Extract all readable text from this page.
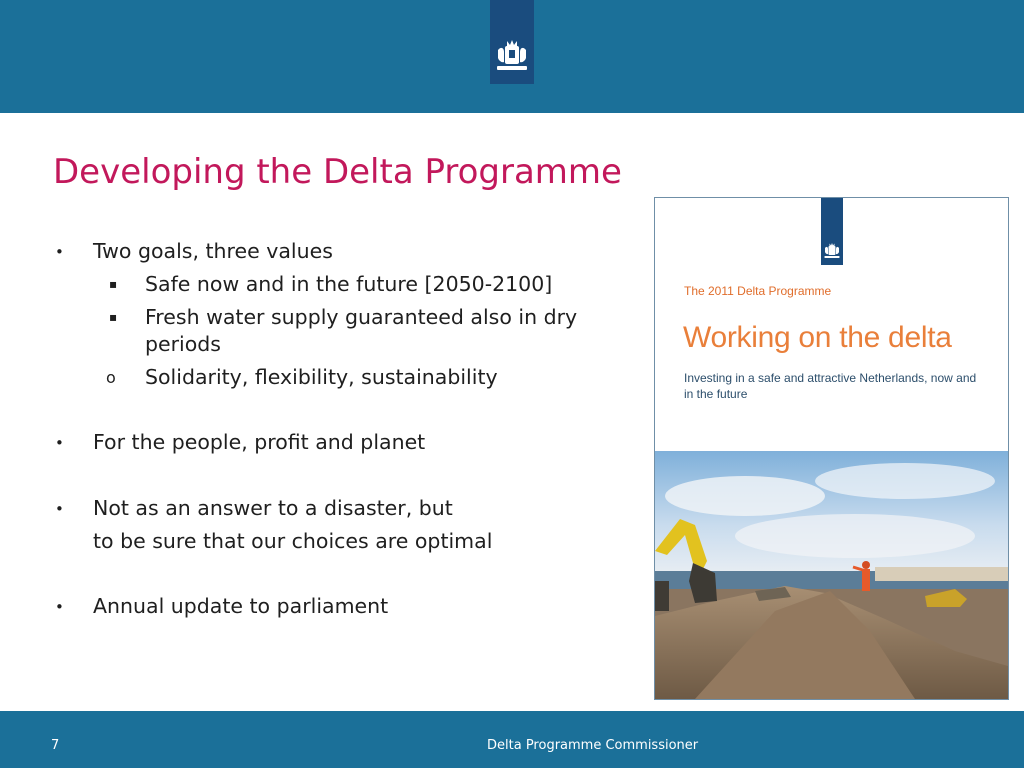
Developing the Delta Programme
• Two goals, three values
▪ Safe now and in the future [2050-2100]
▪ Fresh water supply guaranteed also in dry
periods
o Solidarity, flexibility, sustainability
• For the people, profit and planet
• Not as an answer to a disaster, but
to be sure that our choices are optimal
• Annual update to parliament
The 2011 Delta Programme
Working on the delta
Investing in a safe and attractive Netherlands, now and in the future
7	Delta Programme Commissioner
